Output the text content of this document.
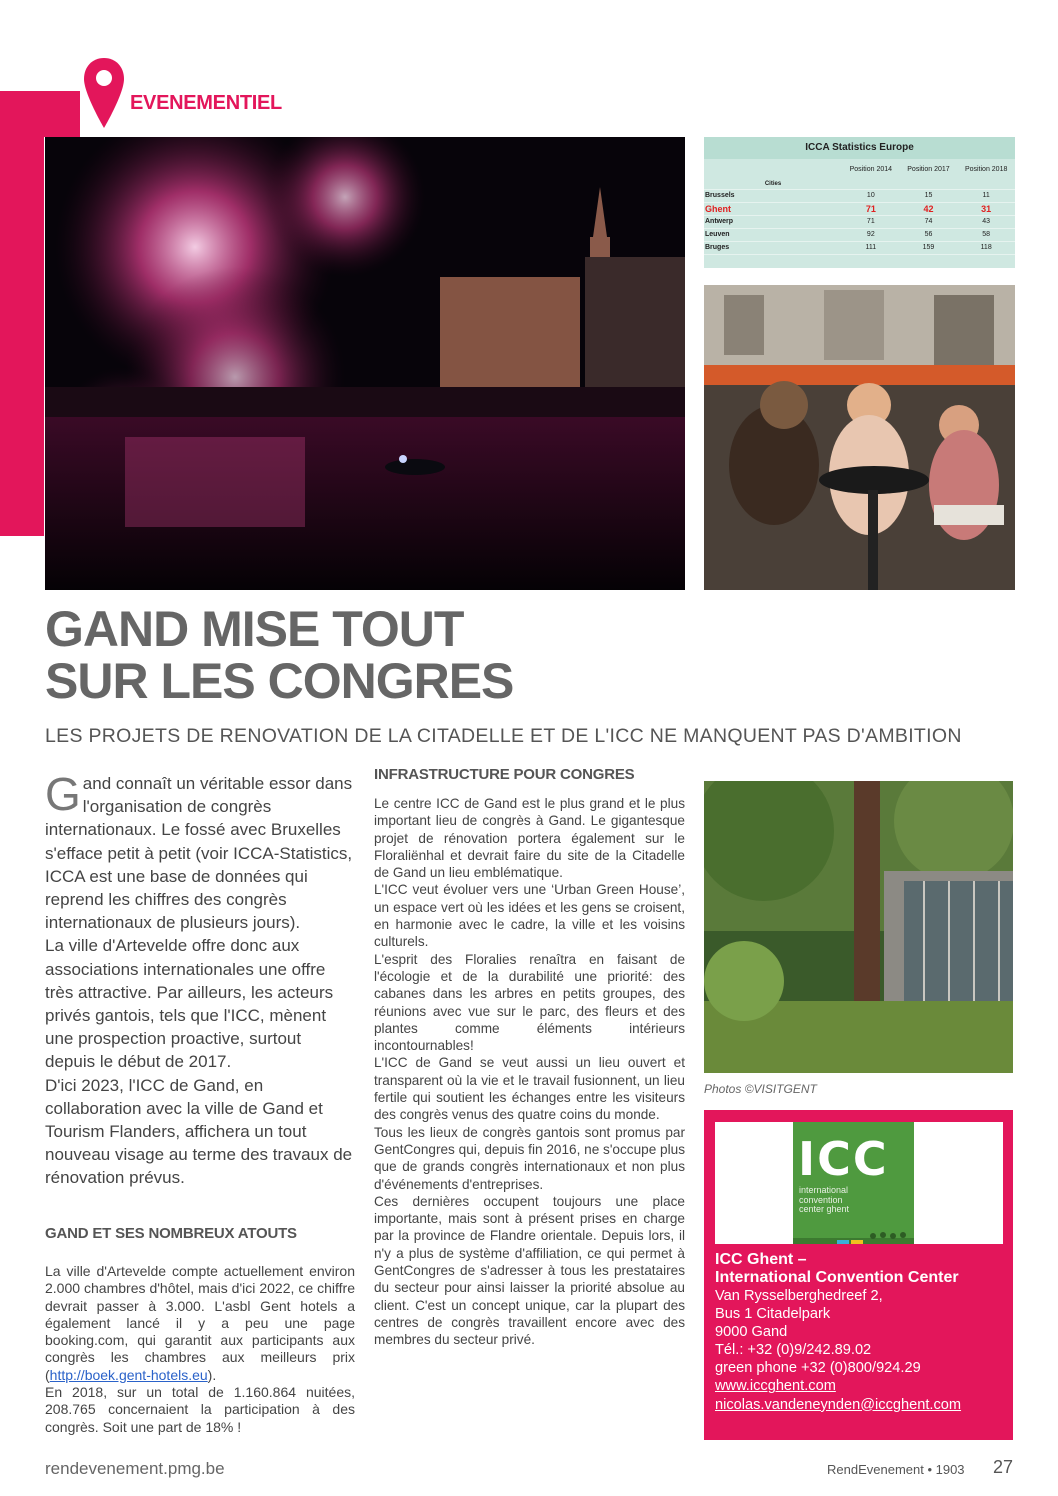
EVENEMENTIEL
ICCA Statistics Europe
	Position 2014	Position 2017	Position 2018
Cities			
Brussels	10	15	11
Ghent	71	42	31
Antwerp	71	74	43
Leuven	92	56	58
Bruges	111	159	118
GAND MISE TOUT
SUR LES CONGRES
LES PROJETS DE RENOVATION DE LA CITADELLE ET DE L'ICC NE MANQUENT PAS D'AMBITION
Gand connaît un véritable essor dans l'organisation de congrès internationaux. Le fossé avec Bruxelles s'efface petit à petit (voir ICCA-Statistics, ICCA est une base de données qui reprend les chiffres des congrès internationaux de plusieurs jours).
La ville d'Artevelde offre donc aux associations internationales une offre très attractive. Par ailleurs, les acteurs privés gantois, tels que l'ICC, mènent une prospection proactive, surtout depuis le début de 2017.
D'ici 2023, l'ICC de Gand, en collaboration avec la ville de Gand et Tourism Flanders, affichera un tout nouveau visage au terme des travaux de rénovation prévus.
GAND ET SES NOMBREUX ATOUTS
La ville d'Artevelde compte actuellement environ 2.000 chambres d'hôtel, mais d'ici 2022, ce chiffre devrait passer à 3.000. L'asbl Gent hotels a également lancé il y a peu une page booking.com, qui garantit aux participants aux congrès les chambres aux meilleurs prix (http://boek.gent-hotels.eu).
En 2018, sur un total de 1.160.864 nuitées, 208.765 concernaient la participation à des congrès. Soit une part de 18% !
INFRASTRUCTURE POUR CONGRES
Le centre ICC de Gand est le plus grand et le plus important lieu de congrès à Gand. Le gigantesque projet de rénovation portera également sur le Floraliënhal et devrait faire du site de la Citadelle de Gand un lieu emblématique.
L'ICC veut évoluer vers une ‘Urban Green House’, un espace vert où les idées et les gens se croisent, en harmonie avec le cadre, la ville et les voisins culturels.
L'esprit des Floralies renaîtra en faisant de l'écologie et de la durabilité une priorité: des cabanes dans les arbres en petits groupes, des réunions avec vue sur le parc, des fleurs et des plantes comme éléments intérieurs incontournables!
L'ICC de Gand se veut aussi un lieu ouvert et transparent où la vie et le travail fusionnent, un lieu fertile qui soutient les échanges entre les visiteurs des congrès venus des quatre coins du monde.
Tous les lieux de congrès gantois sont promus par GentCongres qui, depuis fin 2016, ne s'occupe plus que de grands congrès internationaux et non plus d'événements d'entreprises.
Ces dernières occupent toujours une place importante, mais sont à présent prises en charge par la province de Flandre orientale. Depuis lors, il n'y a plus de système d'affiliation, ce qui permet à GentCongres de s'adresser à tous les prestataires du secteur pour ainsi laisser la priorité absolue au client. C'est un concept unique, car la plupart des centres de congrès travaillent encore avec des membres du secteur privé.
Photos ©VISITGENT
ICC
international
convention
center ghent
ICC Ghent –
International Convention Center
Van Rysselberghedreef 2,
Bus 1 Citadelpark
9000 Gand
Tél.: +32 (0)9/242.89.02
green phone +32 (0)800/924.29
www.iccghent.com
nicolas.vandeneynden@iccghent.com
rendevenement.pmg.be	RendEvenement • 1903 27
